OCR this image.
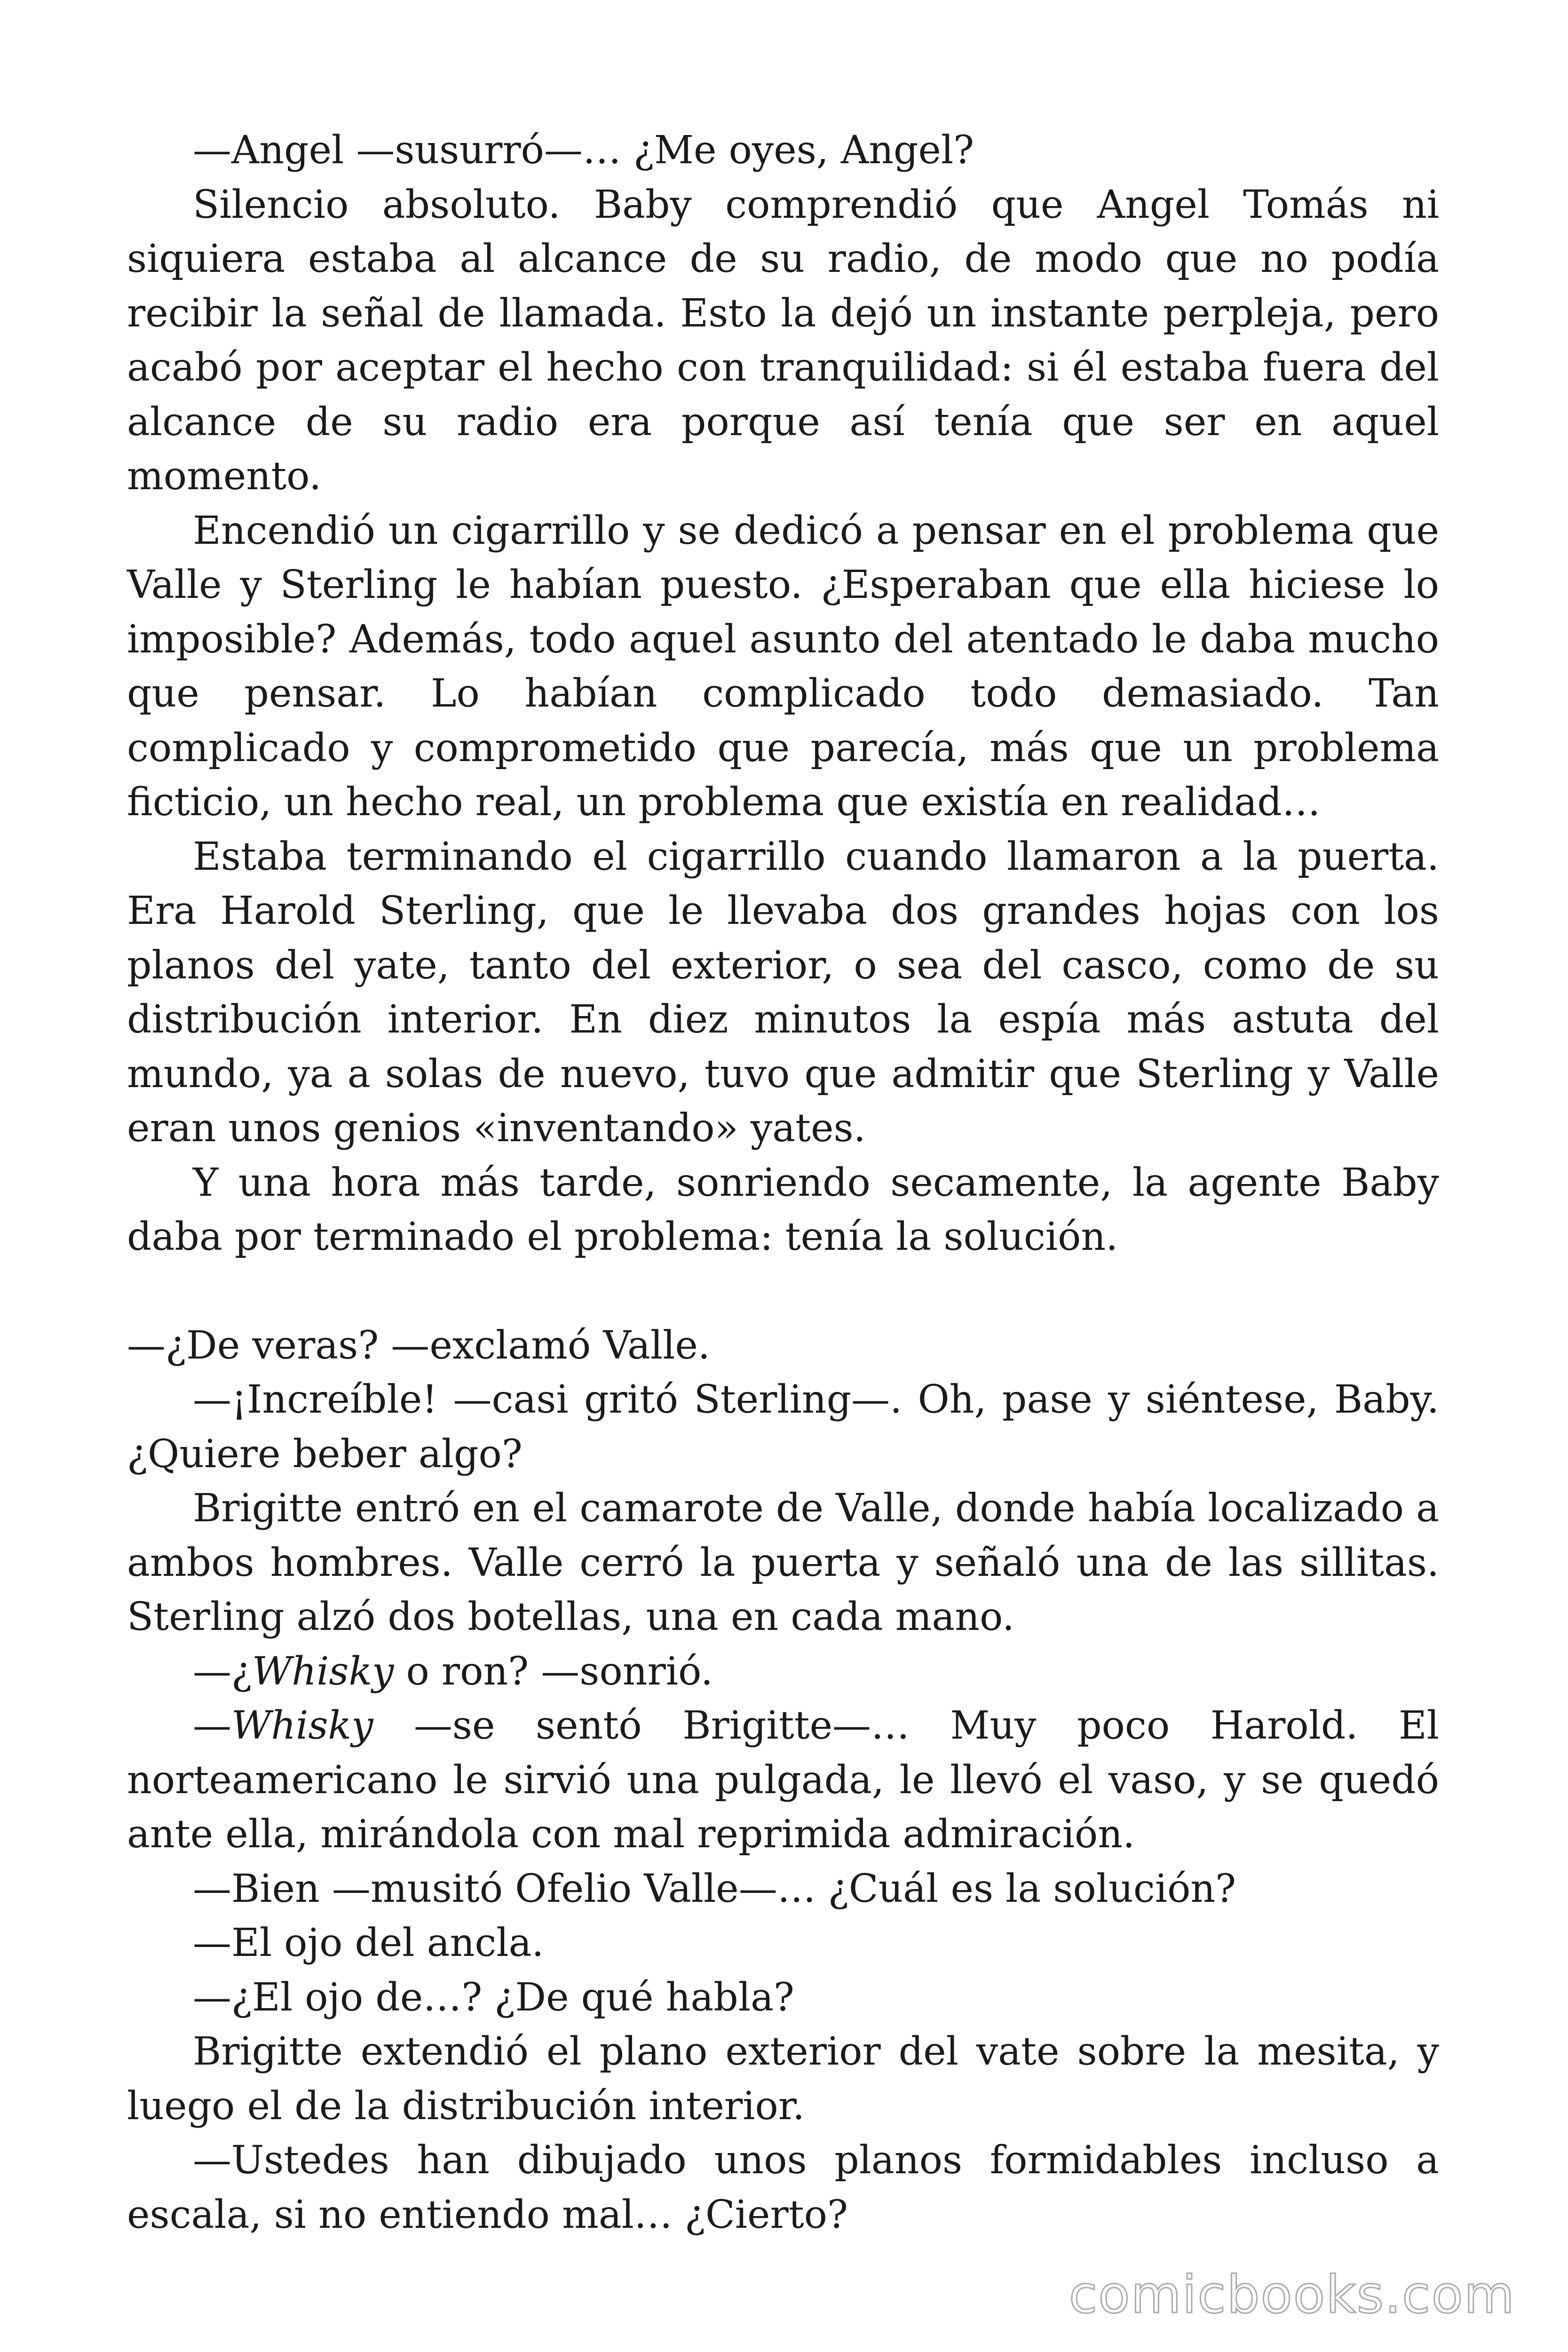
—Angel —susurró—… ¿Me oyes, Angel?

Silencio absoluto. Baby comprendió que Angel Tomás ni siquiera estaba al alcance de su radio, de modo que no podía recibir la señal de llamada. Esto la dejó un instante perpleja, pero acabó por aceptar el hecho con tranquilidad: si él estaba fuera del alcance de su radio era porque así tenía que ser en aquel momento.

Encendió un cigarrillo y se dedicó a pensar en el problema que Valle y Sterling le habían puesto. ¿Esperaban que ella hiciese lo imposible? Además, todo aquel asunto del atentado le daba mucho que pensar. Lo habían complicado todo demasiado. Tan complicado y comprometido que parecía, más que un problema ficticio, un hecho real, un problema que existía en realidad…

Estaba terminando el cigarrillo cuando llamaron a la puerta. Era Harold Sterling, que le llevaba dos grandes hojas con los planos del yate, tanto del exterior, o sea del casco, como de su distribución interior. En diez minutos la espía más astuta del mundo, ya a solas de nuevo, tuvo que admitir que Sterling y Valle eran unos genios «inventando» yates.

Y una hora más tarde, sonriendo secamente, la agente Baby daba por terminado el problema: tenía la solución.

—¿De veras? —exclamó Valle.

—¡Increíble! —casi gritó Sterling—. Oh, pase y siéntese, Baby. ¿Quiere beber algo?

Brigitte entró en el camarote de Valle, donde había localizado a ambos hombres. Valle cerró la puerta y señaló una de las sillitas. Sterling alzó dos botellas, una en cada mano.

—¿Whisky o ron? —sonrió.

—Whisky —se sentó Brigitte—… Muy poco Harold. El norteamericano le sirvió una pulgada, le llevó el vaso, y se quedó ante ella, mirándola con mal reprimida admiración.

—Bien —musitó Ofelio Valle—… ¿Cuál es la solución?

—El ojo del ancla.

—¿El ojo de…? ¿De qué habla?

Brigitte extendió el plano exterior del vate sobre la mesita, y luego el de la distribución interior.

—Ustedes han dibujado unos planos formidables incluso a escala, si no entiendo mal… ¿Cierto?

comicbooks.com
